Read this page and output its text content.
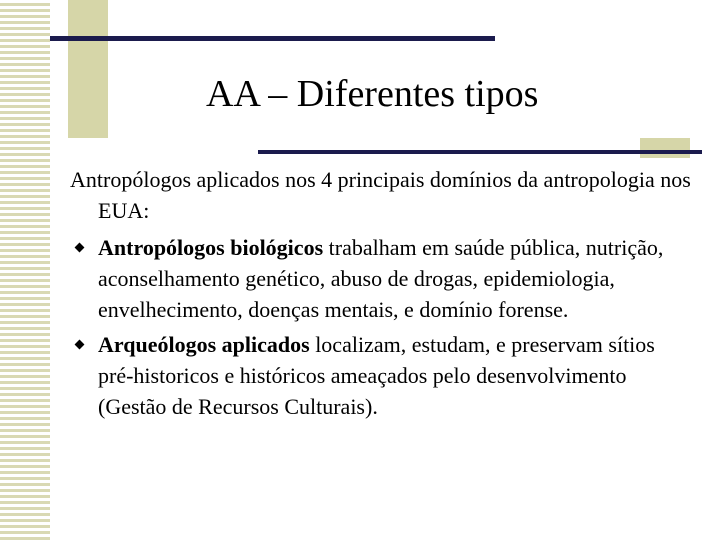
AA – Diferentes tipos

Antropólogos aplicados nos 4 principais domínios da antropologia nos EUA:

Antropólogos biológicos trabalham em saúde pública, nutrição, aconselhamento genético, abuso de drogas, epidemiologia, envelhecimento, doenças mentais, e domínio forense.
Arqueólogos aplicados localizam, estudam, e preservam sítios pré-historicos e históricos ameaçados pelo desenvolvimento (Gestão de Recursos Culturais).
